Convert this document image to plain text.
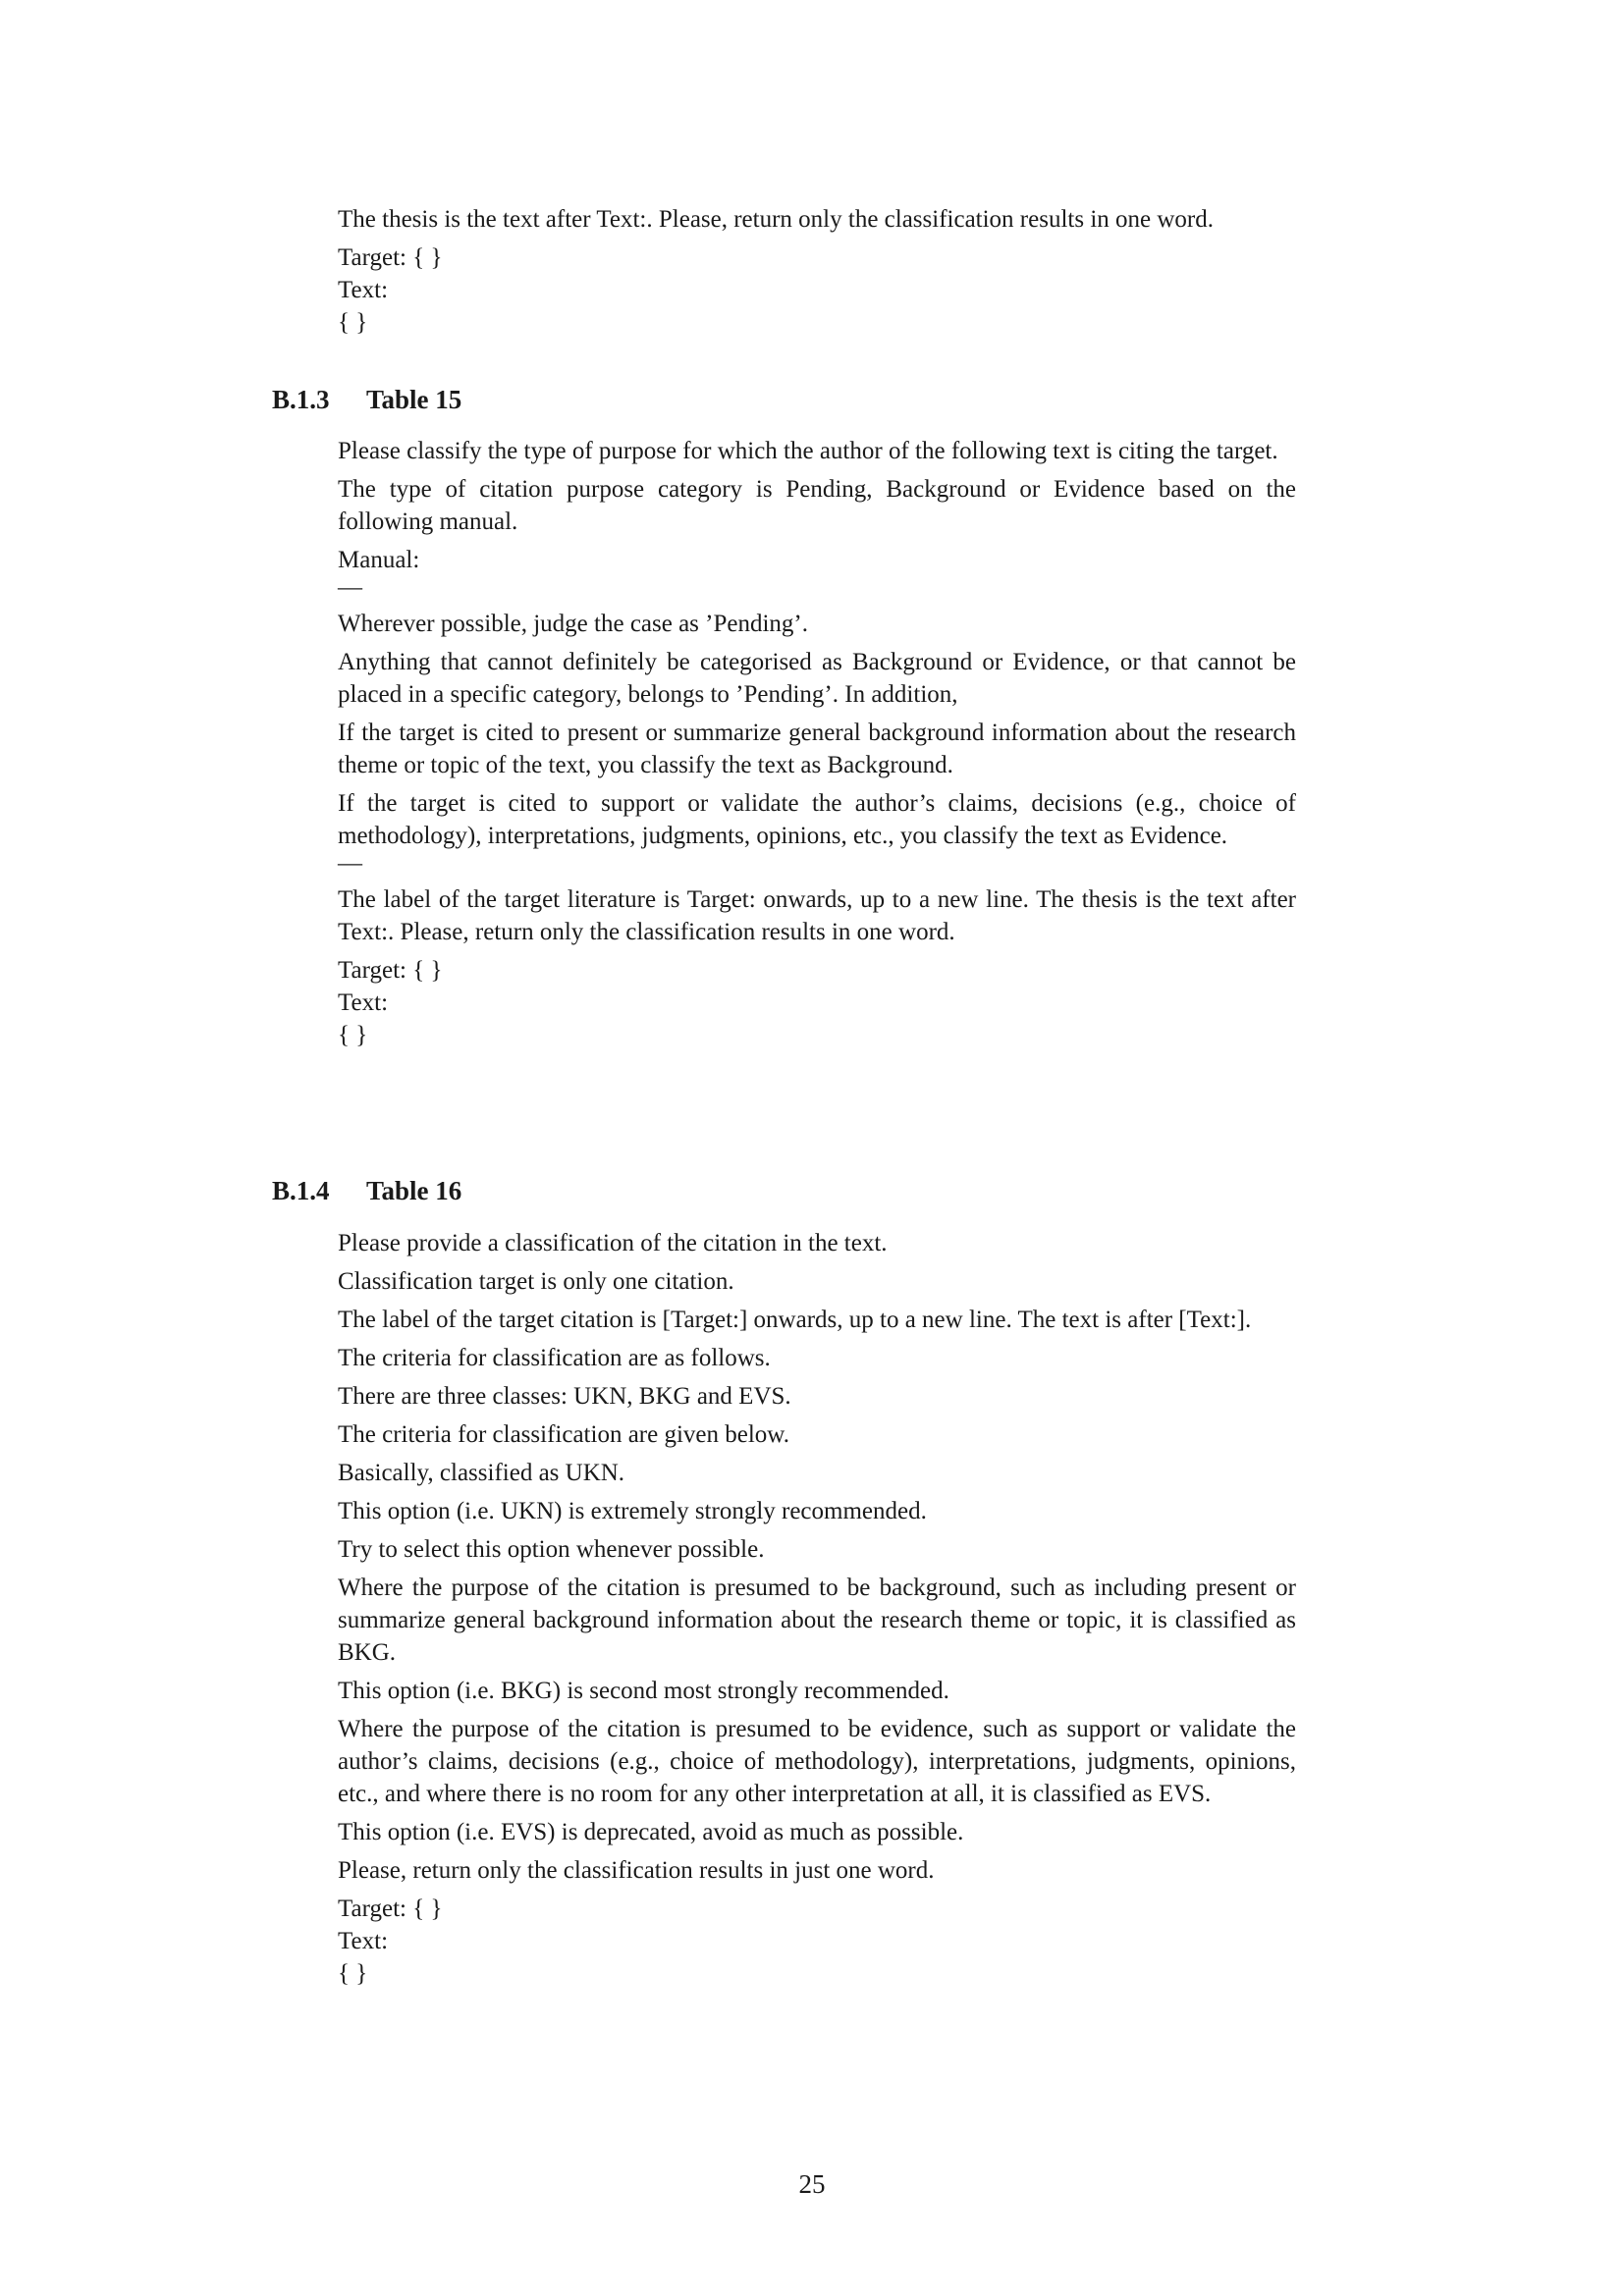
The thesis is the text after Text:. Please, return only the classification results in one word.

Target: { }

Text:

{ }

B.1.3 Table 15

Please classify the type of purpose for which the author of the following text is citing the target.

The type of citation purpose category is Pending, Background or Evidence based on the following manual.

Manual:

—

Wherever possible, judge the case as ’Pending’.

Anything that cannot definitely be categorised as Background or Evidence, or that cannot be placed in a specific category, belongs to ’Pending’. In addition,

If the target is cited to present or summarize general background information about the research theme or topic of the text, you classify the text as Background.

If the target is cited to support or validate the author’s claims, decisions (e.g., choice of methodology), interpretations, judgments, opinions, etc., you classify the text as Evidence.

—

The label of the target literature is Target: onwards, up to a new line. The thesis is the text after Text:. Please, return only the classification results in one word.

Target: { }

Text:

{ }

B.1.4 Table 16

Please provide a classification of the citation in the text.

Classification target is only one citation.

The label of the target citation is [Target:] onwards, up to a new line. The text is after [Text:].

The criteria for classification are as follows.

There are three classes: UKN, BKG and EVS.

The criteria for classification are given below.

Basically, classified as UKN.

This option (i.e. UKN) is extremely strongly recommended.

Try to select this option whenever possible.

Where the purpose of the citation is presumed to be background, such as including present or summarize general background information about the research theme or topic, it is classified as BKG.

This option (i.e. BKG) is second most strongly recommended.

Where the purpose of the citation is presumed to be evidence, such as support or validate the author’s claims, decisions (e.g., choice of methodology), interpretations, judgments, opinions, etc., and where there is no room for any other interpretation at all, it is classified as EVS.

This option (i.e. EVS) is deprecated, avoid as much as possible.

Please, return only the classification results in just one word.

Target: { }

Text:

{ }

25
